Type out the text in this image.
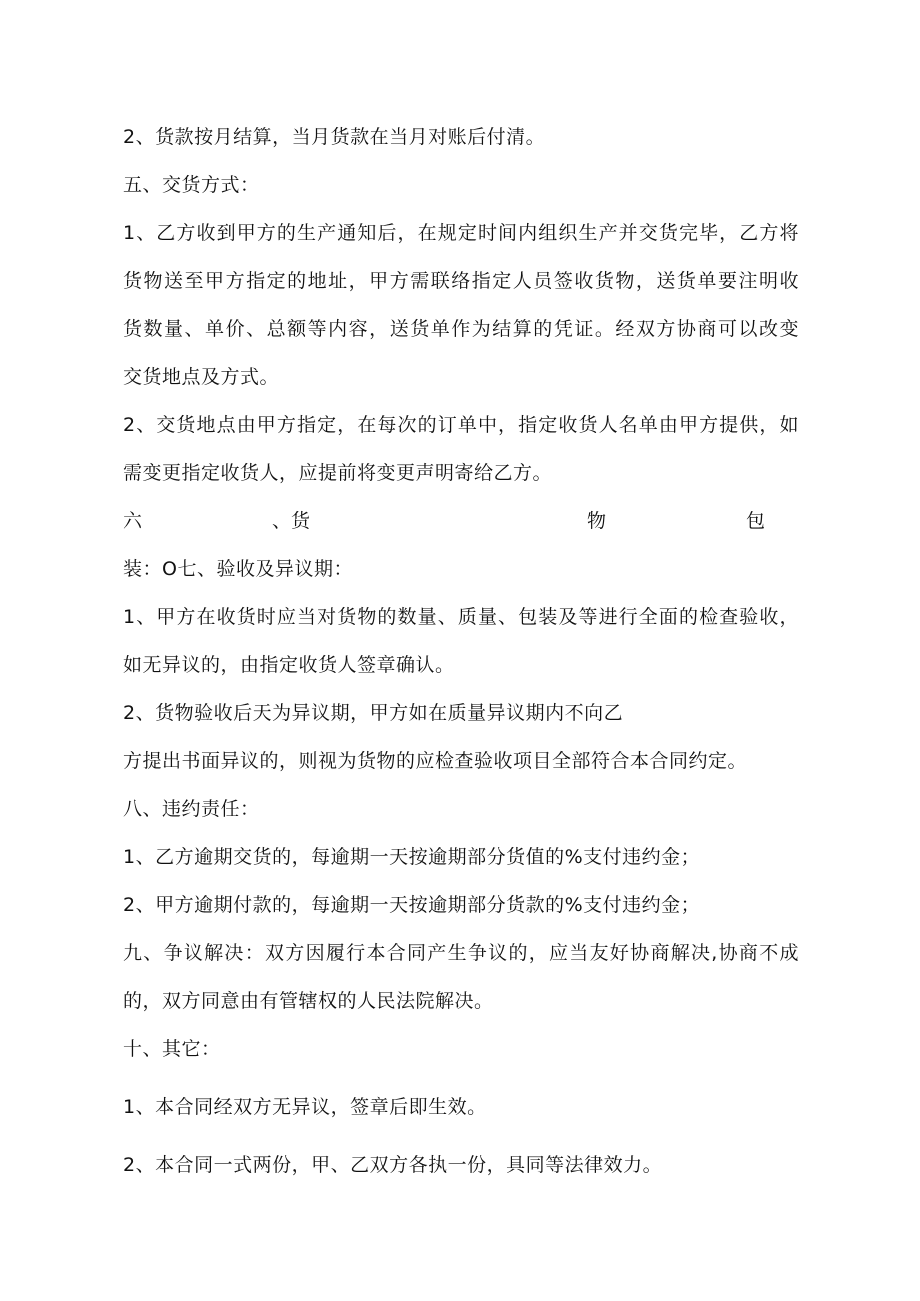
2、货款按月结算，当月货款在当月对账后付清。
五、交货方式：
1、乙方收到甲方的生产通知后，在规定时间内组织生产并交货完毕，乙方将
货物送至甲方指定的地址，甲方需联络指定人员签收货物，送货单要注明收
货数量、单价、总额等内容，送货单作为结算的凭证。经双方协商可以改变
交货地点及方式。
2、交货地点由甲方指定，在每次的订单中，指定收货人名单由甲方提供，如
需变更指定收货人，应提前将变更声明寄给乙方。
六	、货	物	包
装：O七、验收及异议期：
1、甲方在收货时应当对货物的数量、质量、包装及等进行全面的检查验收，
如无异议的，由指定收货人签章确认。
2、货物验收后天为异议期，甲方如在质量异议期内不向乙
方提出书面异议的，则视为货物的应检查验收项目全部符合本合同约定。
八、违约责任：
1、乙方逾期交货的，每逾期一天按逾期部分货值的%支付违约金；
2、甲方逾期付款的，每逾期一天按逾期部分货款的%支付违约金；
九、争议解决：双方因履行本合同产生争议的，应当友好协商解决,协商不成
的，双方同意由有管辖权的人民法院解决。
十、其它：
1、本合同经双方无异议，签章后即生效。
2、本合同一式两份，甲、乙双方各执一份，具同等法律效力。
